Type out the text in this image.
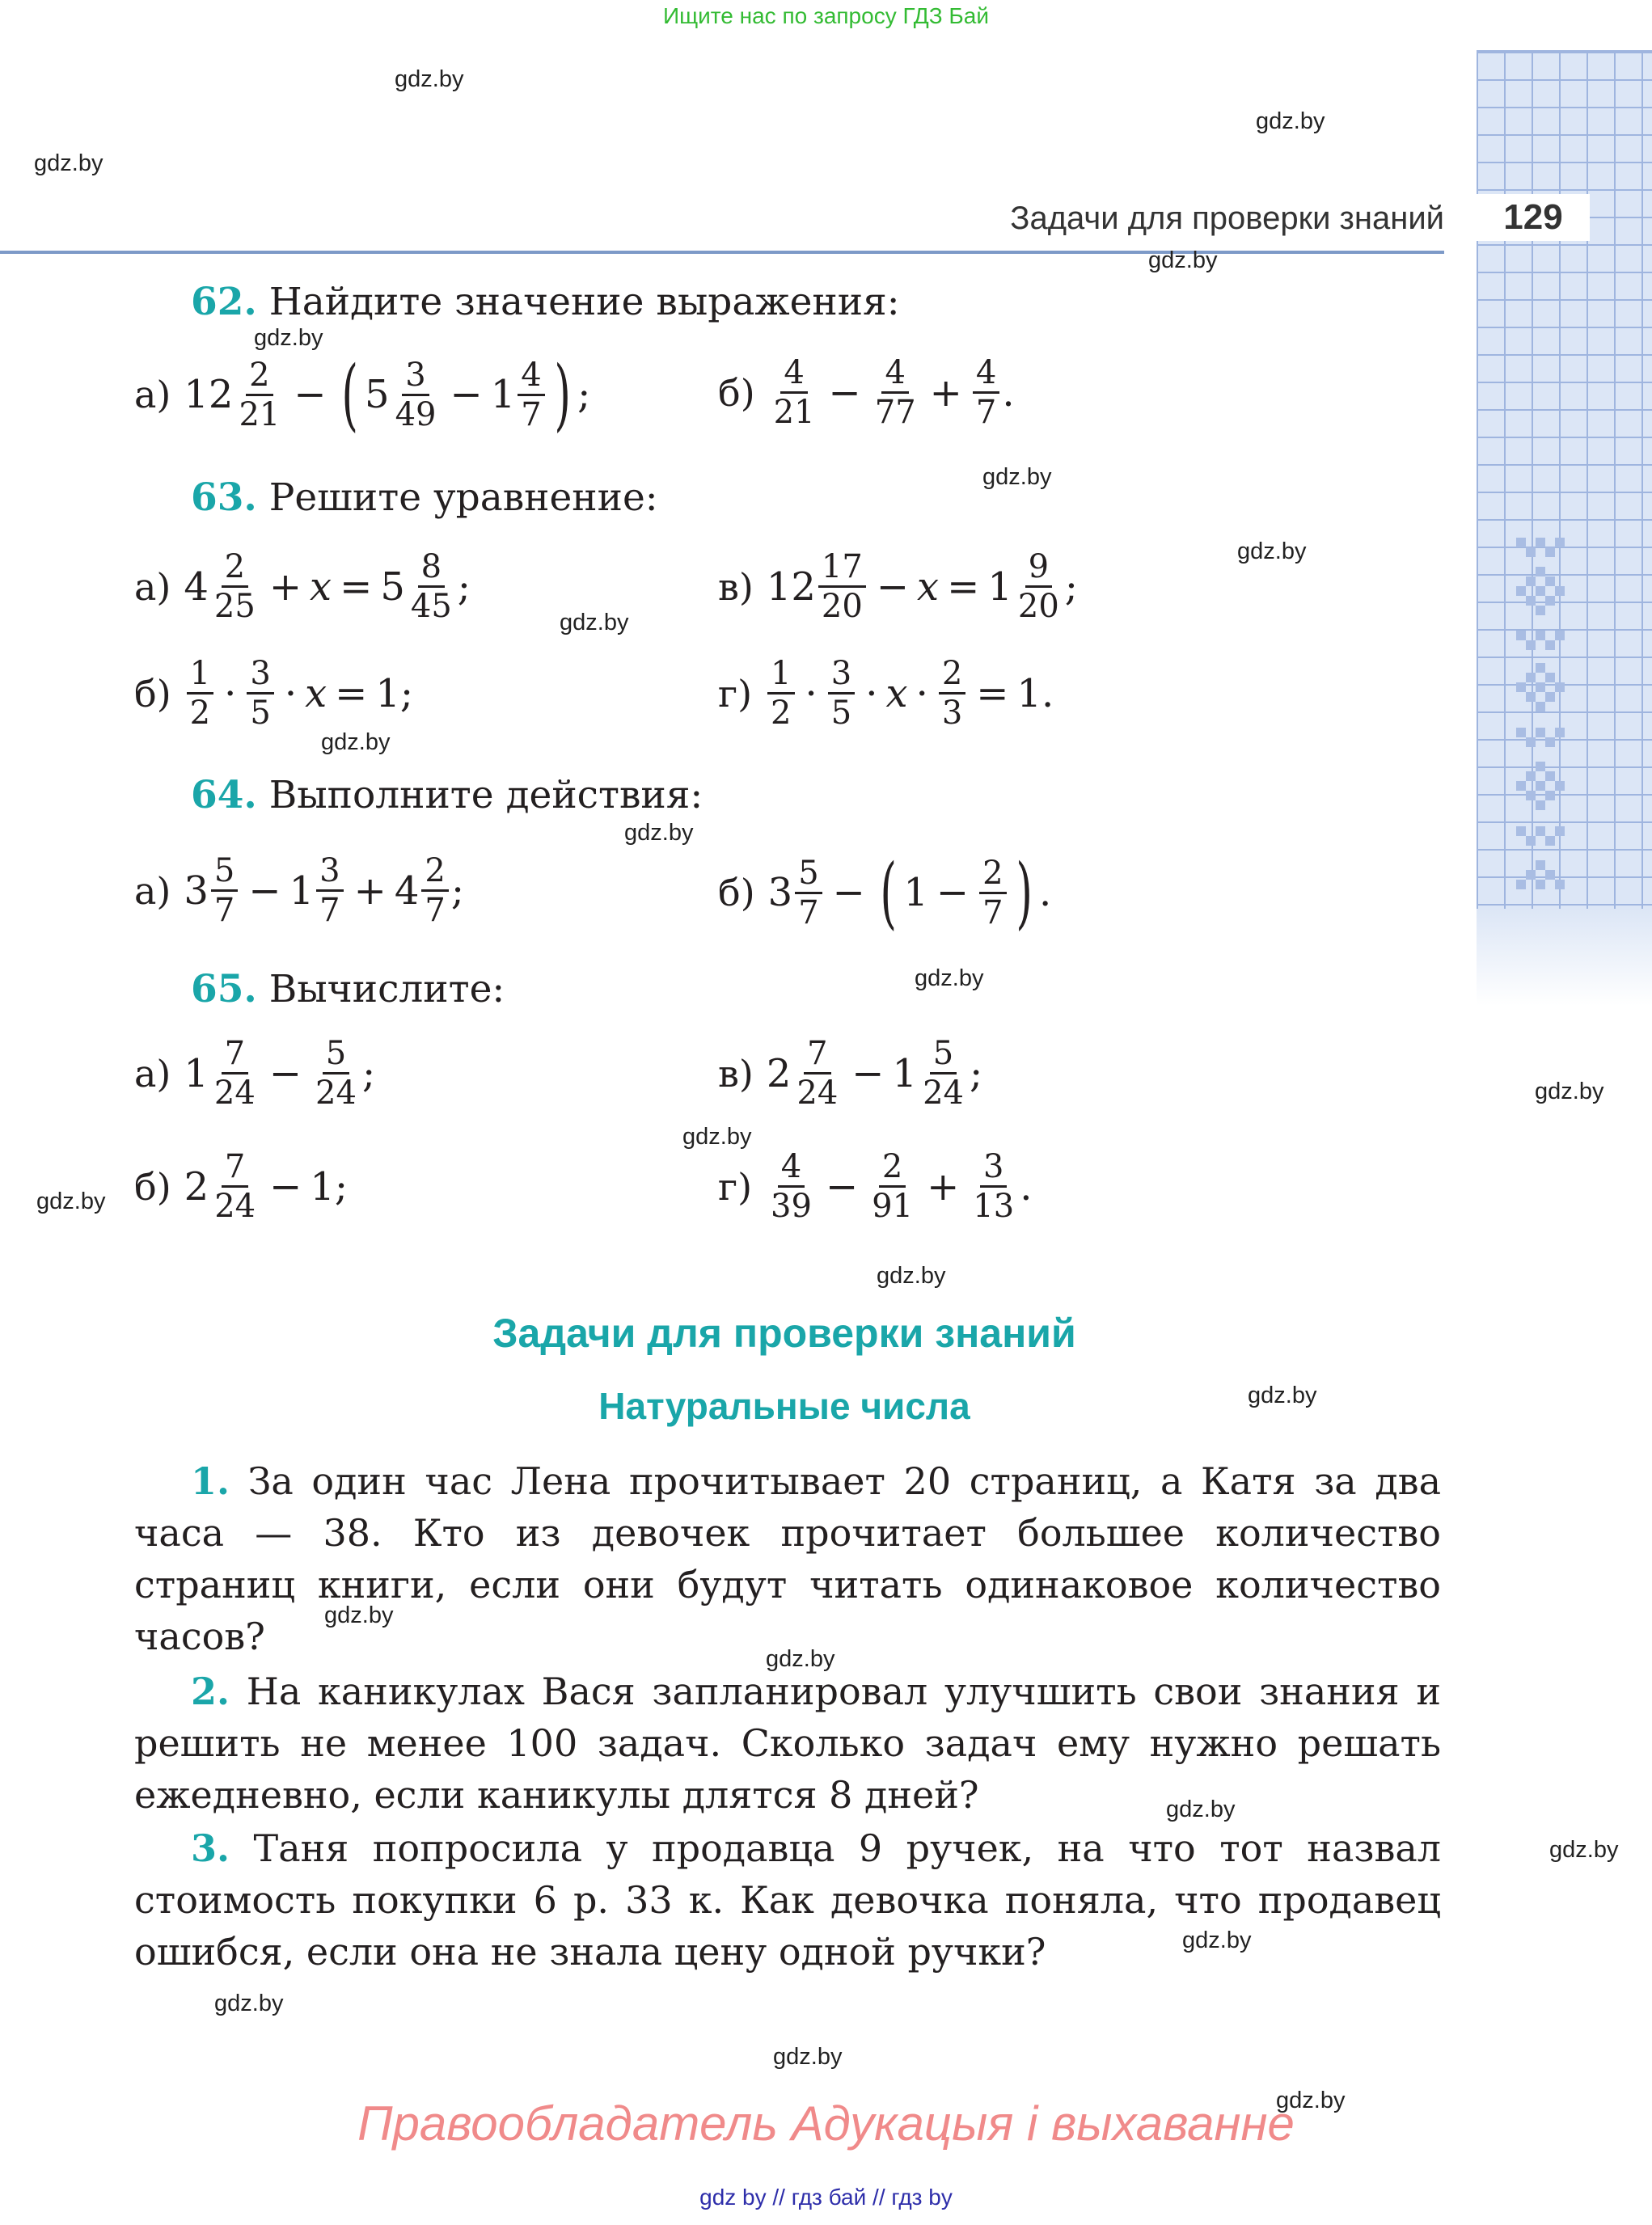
Ищите нас по запросу ГДЗ Бай
129
Задачи для проверки знаний
gdz.by
gdz.by
gdz.by
gdz.by
gdz.by
gdz.by
gdz.by
gdz.by
gdz.by
gdz.by
gdz.by
gdz.by
gdz.by
gdz.by
gdz.by
gdz.by
gdz.by
gdz.by
gdz.by
gdz.by
gdz.by
gdz.by
gdz.by
gdz.by
62. Найдите значение выражения:
а) $12 \frac{2}{21}$ − ( $5 \frac{3}{49} - 1 \frac{4}{7}$ ) ;	$б) \frac{4}{21} - \frac{4}{77} + \frac{4}{7}$ .
63. Решите уравнение:
а) $4 \frac{2}{25} + x = 5 \frac{8}{45}$ ;	в) $12 \frac{17}{20} - x = 1 \frac{9}{20}$ ;
$б) \frac{1}{2} \cdot \frac{3}{5} \cdot x = 1$ ;	$г) \frac{1}{2} \cdot \frac{3}{5} \cdot x \cdot \frac{2}{3} = 1$ .
64. Выполните действия:
а) $3 \frac{5}{7} - 1 \frac{3}{7} + 4 \frac{2}{7}$ ;	б) $3 \frac{5}{7}$ − ( $1 - \frac{2}{7}$ ) .
65. Вычислите:
а) $1 \frac{7}{24} - \frac{5}{24}$ ;	в) $2 \frac{7}{24} - 1 \frac{5}{24}$ ;
б) $2 \frac{7}{24} - 1$ ;	$г) \frac{4}{39} - \frac{2}{91} + \frac{3}{13}$ .
Задачи для проверки знаний
Натуральные числа
1. За один час Лена прочитывает 20 страниц, а Катя за два часа — 38. Кто из девочек прочитает большее количество страниц книги, если они будут читать одинаковое количество часов?
2. На каникулах Вася запланировал улучшить свои знания и решить не менее 100 задач. Сколько задач ему нужно решать ежедневно, если каникулы длятся 8 дней?
3. Таня попросила у продавца 9 ручек, на что тот назвал стоимость покупки 6 р. 33 к. Как девочка поняла, что продавец ошибся, если она не знала цену одной ручки?
Правообладатель Адукацыя і выхаванне
gdz by // гдз бай // гдз by
